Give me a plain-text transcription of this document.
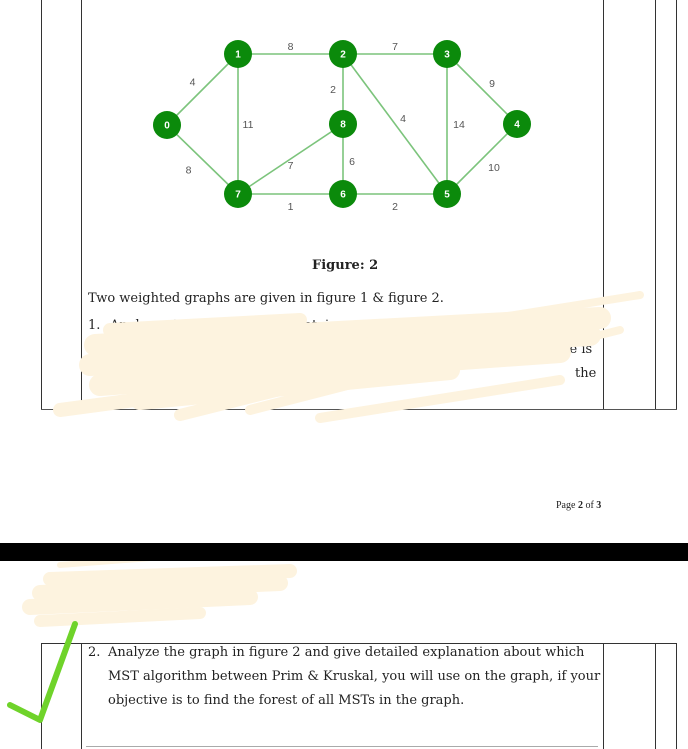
4
8
8
11
7
2
4
9
14
10
2
1
6
7
0
1	2	3
4
5
6
7
8
Figure: 2
Two weighted graphs are given in figure 1 & figure 2.
1. Analy in figur and detai	wh	T
will	ive is
to	the
Page 2 of 3
2. Analyze the graph in figure 2 and give detailed explanation about which MST algorithm between Prim & Kruskal, you will use on the graph, if your objective is to find the forest of all MSTs in the graph.
